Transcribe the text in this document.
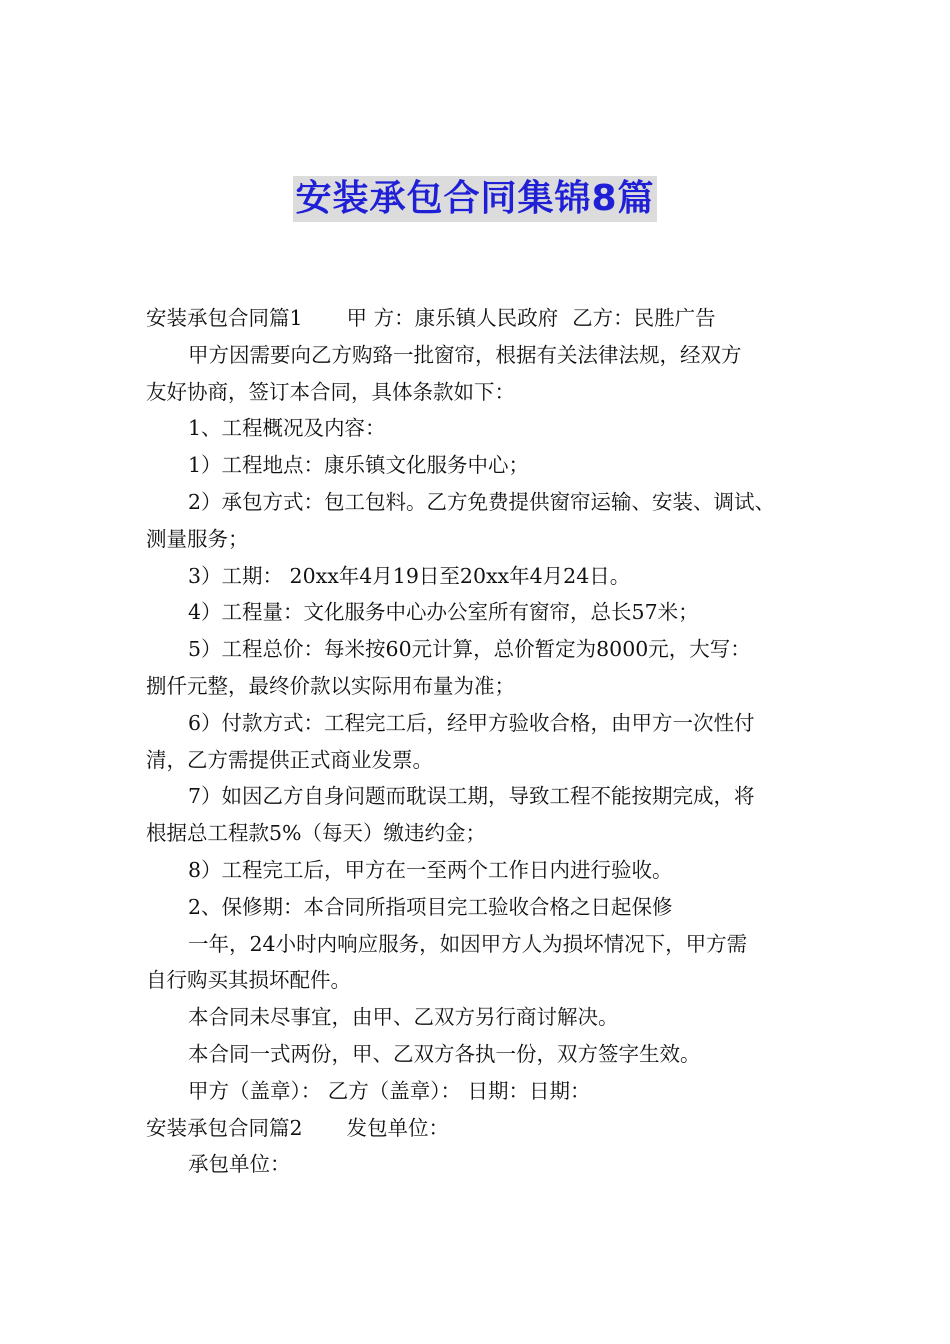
安装承包合同集锦8篇
安装承包合同篇1 甲 方：康乐镇人民政府 乙方：民胜广告
甲方因需要向乙方购臵一批窗帘，根据有关法律法规，经双方
友好协商，签订本合同，具体条款如下：
1、工程概况及内容：
1）工程地点：康乐镇文化服务中心；
2）承包方式：包工包料。乙方免费提供窗帘运输、安装、调试、
测量服务；
3）工期： 20xx年4月19日至20xx年4月24日。
4）工程量：文化服务中心办公室所有窗帘，总长57米；
5）工程总价：每米按60元计算，总价暂定为8000元，大写：
捌仟元整，最终价款以实际用布量为准；
6）付款方式：工程完工后，经甲方验收合格，由甲方一次性付
清，乙方需提供正式商业发票。
7）如因乙方自身问题而耽误工期，导致工程不能按期完成，将
根据总工程款5%（每天）缴违约金；
8）工程完工后，甲方在一至两个工作日内进行验收。
2、保修期：本合同所指项目完工验收合格之日起保修
一年，24小时内响应服务，如因甲方人为损坏情况下，甲方需
自行购买其损坏配件。
本合同未尽事宜，由甲、乙双方另行商讨解决。
本合同一式两份，甲、乙双方各执一份，双方签字生效。
甲方（盖章）： 乙方（盖章）： 日期：日期：
安装承包合同篇2 发包单位：
承包单位：
